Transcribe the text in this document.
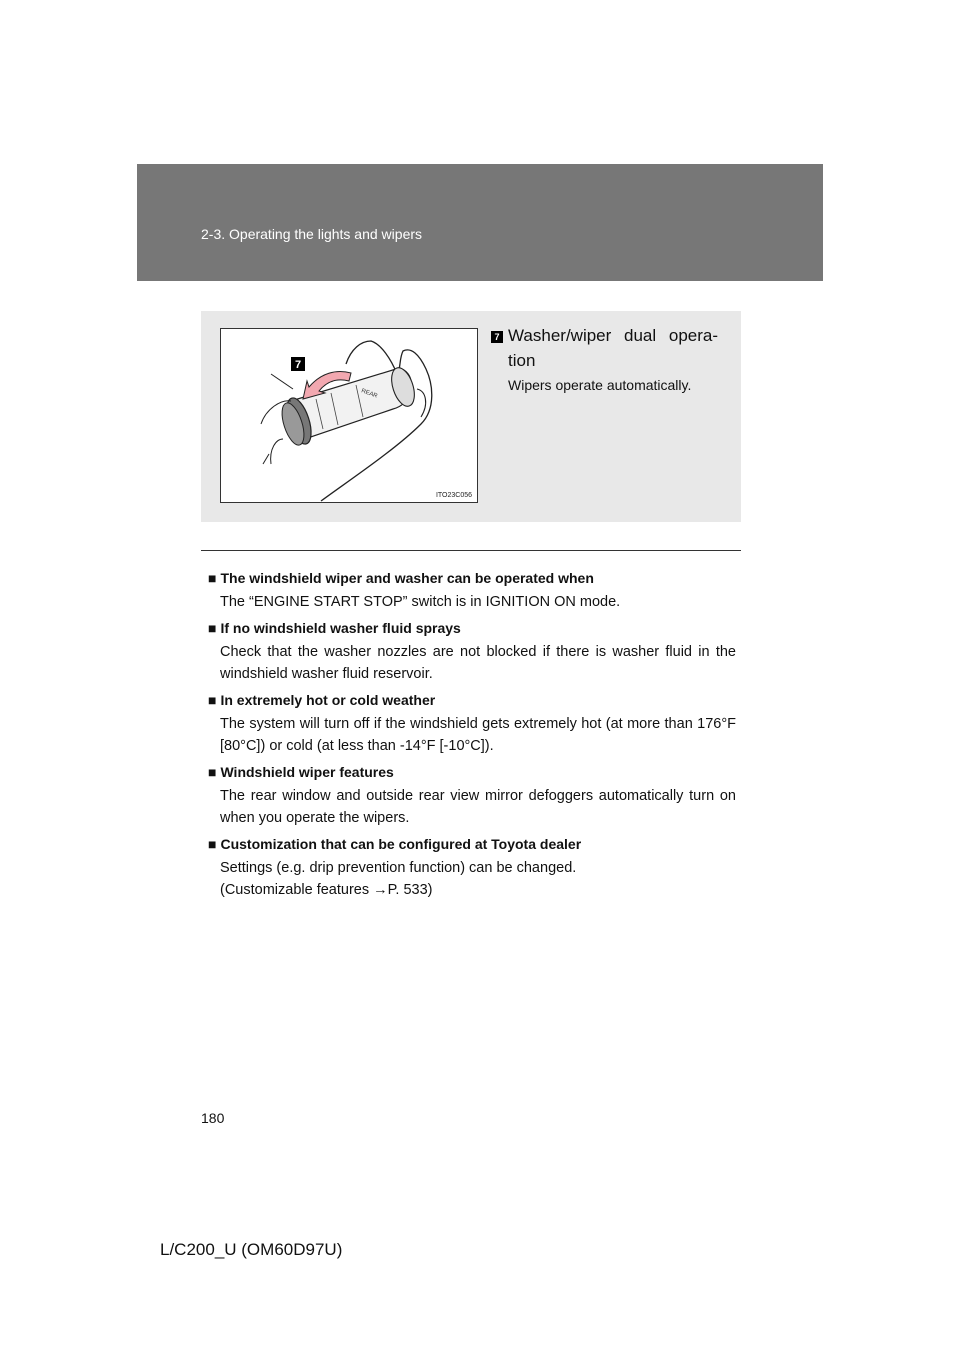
2-3. Operating the lights and wipers
REAR
7
ITO23C056
7 Washer/wiper dual opera-tion
Wipers operate automatically.

■ The windshield wiper and washer can be operated when

The “ENGINE START STOP” switch is in IGNITION ON mode.

■ If no windshield washer fluid sprays

Check that the washer nozzles are not blocked if there is washer fluid in the windshield washer fluid reservoir.

■ In extremely hot or cold weather

The system will turn off if the windshield gets extremely hot (at more than 176°F [80°C]) or cold (at less than -14°F [-10°C]).

■ Windshield wiper features

The rear window and outside rear view mirror defoggers automatically turn on when you operate the wipers.

■ Customization that can be configured at Toyota dealer

Settings (e.g. drip prevention function) can be changed.

(Customizable features →P. 533)

180
L/C200_U (OM60D97U)
